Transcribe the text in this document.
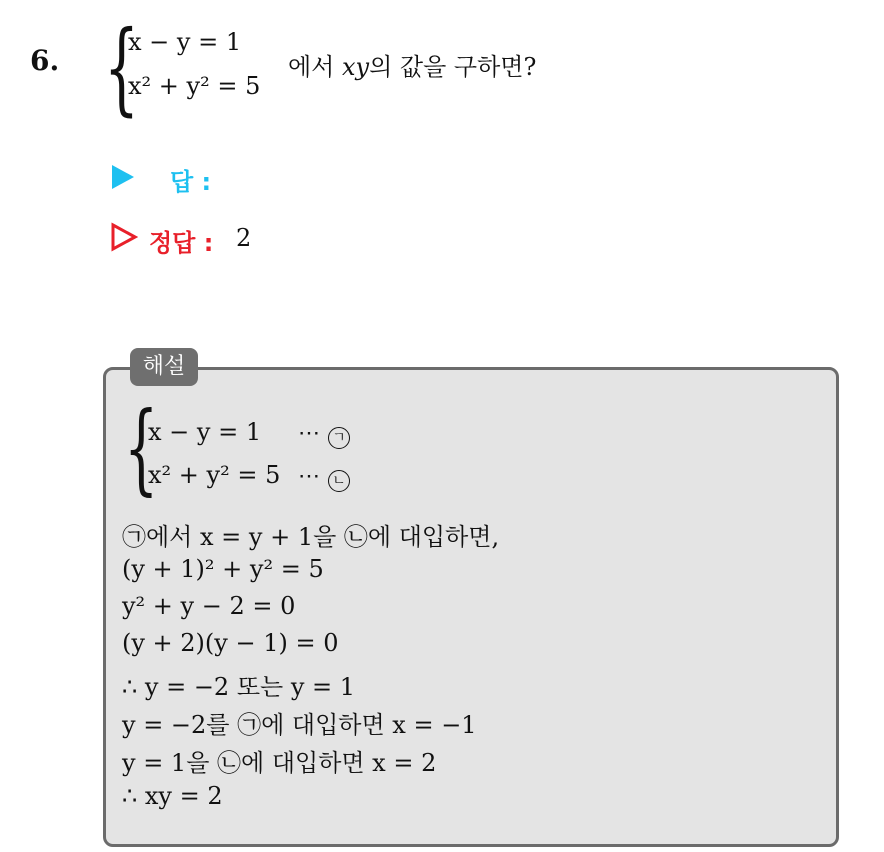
6. {
x − y = 1
x² + y² = 5
에서 xy의 값을 구하면?
답 :
정답 : 2
해설
{
x − y = 1
x² + y² = 5
⋯ ㄱ
⋯ ㄴ
㉠에서 x = y + 1을 ㉡에 대입하면,
(y + 1)² + y² = 5
y² + y − 2 = 0
(y + 2)(y − 1) = 0
∴ y = −2 또는 y = 1
y = −2를 ㉠에 대입하면 x = −1
y = 1을 ㉡에 대입하면 x = 2
∴ xy = 2
